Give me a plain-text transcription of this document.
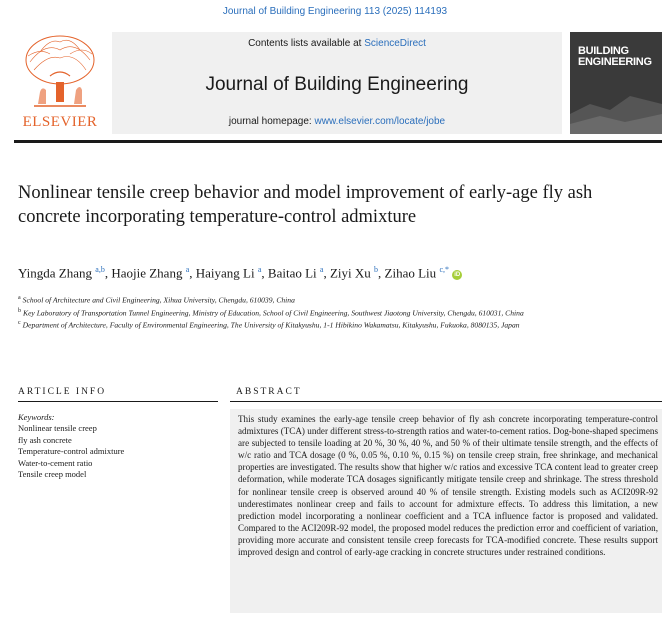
Journal of Building Engineering 113 (2025) 114193
ELSEVIER
Contents lists available at ScienceDirect
Journal of Building Engineering
journal homepage: www.elsevier.com/locate/jobe
BUILDING
ENGINEERING
Nonlinear tensile creep behavior and model improvement of early-age fly ash concrete incorporating temperature-control admixture
Yingda Zhang $^{a,b}$, Haojie Zhang $^a$, Haiyang Li $^a$, Baitao Li $^a$, Ziyi Xu $^b$, Zihao Liu $^{c,*}$ iD
$^a$ School of Architecture and Civil Engineering, Xihua University, Chengdu, 610039, China
$^b$ Key Laboratory of Transportation Tunnel Engineering, Ministry of Education, School of Civil Engineering, Southwest Jiaotong University, Chengdu, 610031, China
$^c$ Department of Architecture, Faculty of Environmental Engineering, The University of Kitakyushu, 1-1 Hibikino Wakamatsu, Kitakyushu, Fukuoka, 8080135, Japan
ARTICLE INFO	ABSTRACT
Keywords:
Nonlinear tensile creep
fly ash concrete
Temperature-control admixture
Water-to-cement ratio
Tensile creep model
This study examines the early-age tensile creep behavior of fly ash concrete incorporating temperature-control admixtures (TCA) under different stress-to-strength ratios and water-to-cement ratios. Dog-bone-shaped specimens are subjected to tensile loading at 20 %, 30 %, 40 %, and 50 % of their ultimate tensile strength, and the effects of w/c ratio and TCA dosage (0 %, 0.05 %, 0.10 %, 0.15 %) on tensile creep strain, free shrinkage, and mechanical properties are investigated. The results show that higher w/c ratios and excessive TCA content lead to greater creep deformation, while moderate TCA dosages significantly mitigate tensile creep and shrinkage. The stress threshold for nonlinear tensile creep is observed around 40 % of tensile strength. Existing models such as ACI209R-92 underestimates nonlinear creep and fails to account for admixture effects. To address this limitation, a new prediction model incorporating a nonlinear coefficient and a TCA influence factor is proposed and validated. Compared to the ACI209R-92 model, the proposed model reduces the prediction error and coefficient of variation, providing more accurate and consistent tensile creep forecasts for TCA-modified concrete. These results support improved design and control of early-age cracking in concrete structures under restrained conditions.
